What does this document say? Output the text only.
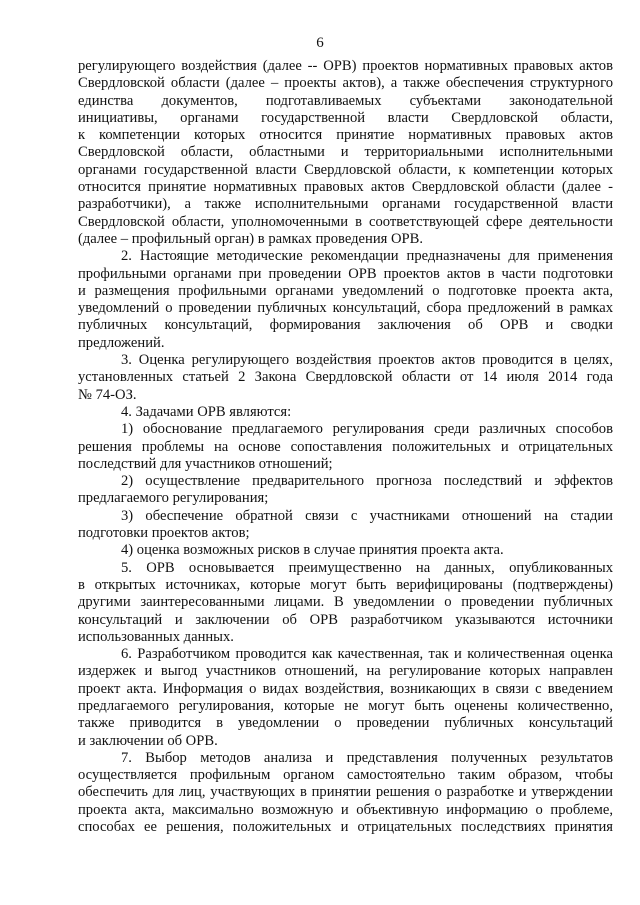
6
регулирующего воздействия (далее -- ОРВ) проектов нормативных правовых актов
Свердловской области (далее – проекты актов), а также обеспечения структурного
единства документов, подготавливаемых субъектами законодательной
инициативы, органами государственной власти Свердловской области,
к компетенции которых относится принятие нормативных правовых актов
Свердловской области, областными и территориальными исполнительными
органами государственной власти Свердловской области, к компетенции которых
относится принятие нормативных правовых актов Свердловской области (далее -
разработчики), а также исполнительными органами государственной власти
Свердловской области, уполномоченными в соответствующей сфере деятельности
(далее – профильный орган) в рамках проведения ОРВ.
2. Настоящие методические рекомендации предназначены для применения
профильными органами при проведении ОРВ проектов актов в части подготовки
и размещения профильными органами уведомлений о подготовке проекта акта,
уведомлений о проведении публичных консультаций, сбора предложений в рамках
публичных консультаций, формирования заключения об ОРВ и сводки
предложений.
3. Оценка регулирующего воздействия проектов актов проводится в целях,
установленных статьей 2 Закона Свердловской области от 14 июля 2014 года
№ 74-ОЗ.
4. Задачами ОРВ являются:
1) обоснование предлагаемого регулирования среди различных способов
решения проблемы на основе сопоставления положительных и отрицательных
последствий для участников отношений;
2) осуществление предварительного прогноза последствий и эффектов
предлагаемого регулирования;
3) обеспечение обратной связи с участниками отношений на стадии
подготовки проектов актов;
4) оценка возможных рисков в случае принятия проекта акта.
5. ОРВ основывается преимущественно на данных, опубликованных
в открытых источниках, которые могут быть верифицированы (подтверждены)
другими заинтересованными лицами. В уведомлении о проведении публичных
консультаций и заключении об ОРВ разработчиком указываются источники
использованных данных.
6. Разработчиком проводится как качественная, так и количественная оценка
издержек и выгод участников отношений, на регулирование которых направлен
проект акта. Информация о видах воздействия, возникающих в связи с введением
предлагаемого регулирования, которые не могут быть оценены количественно,
также приводится в уведомлении о проведении публичных консультаций
и заключении об ОРВ.
7. Выбор методов анализа и представления полученных результатов
осуществляется профильным органом самостоятельно таким образом, чтобы
обеспечить для лиц, участвующих в принятии решения о разработке и утверждении
проекта акта, максимально возможную и объективную информацию о проблеме,
способах ее решения, положительных и отрицательных последствиях принятия
